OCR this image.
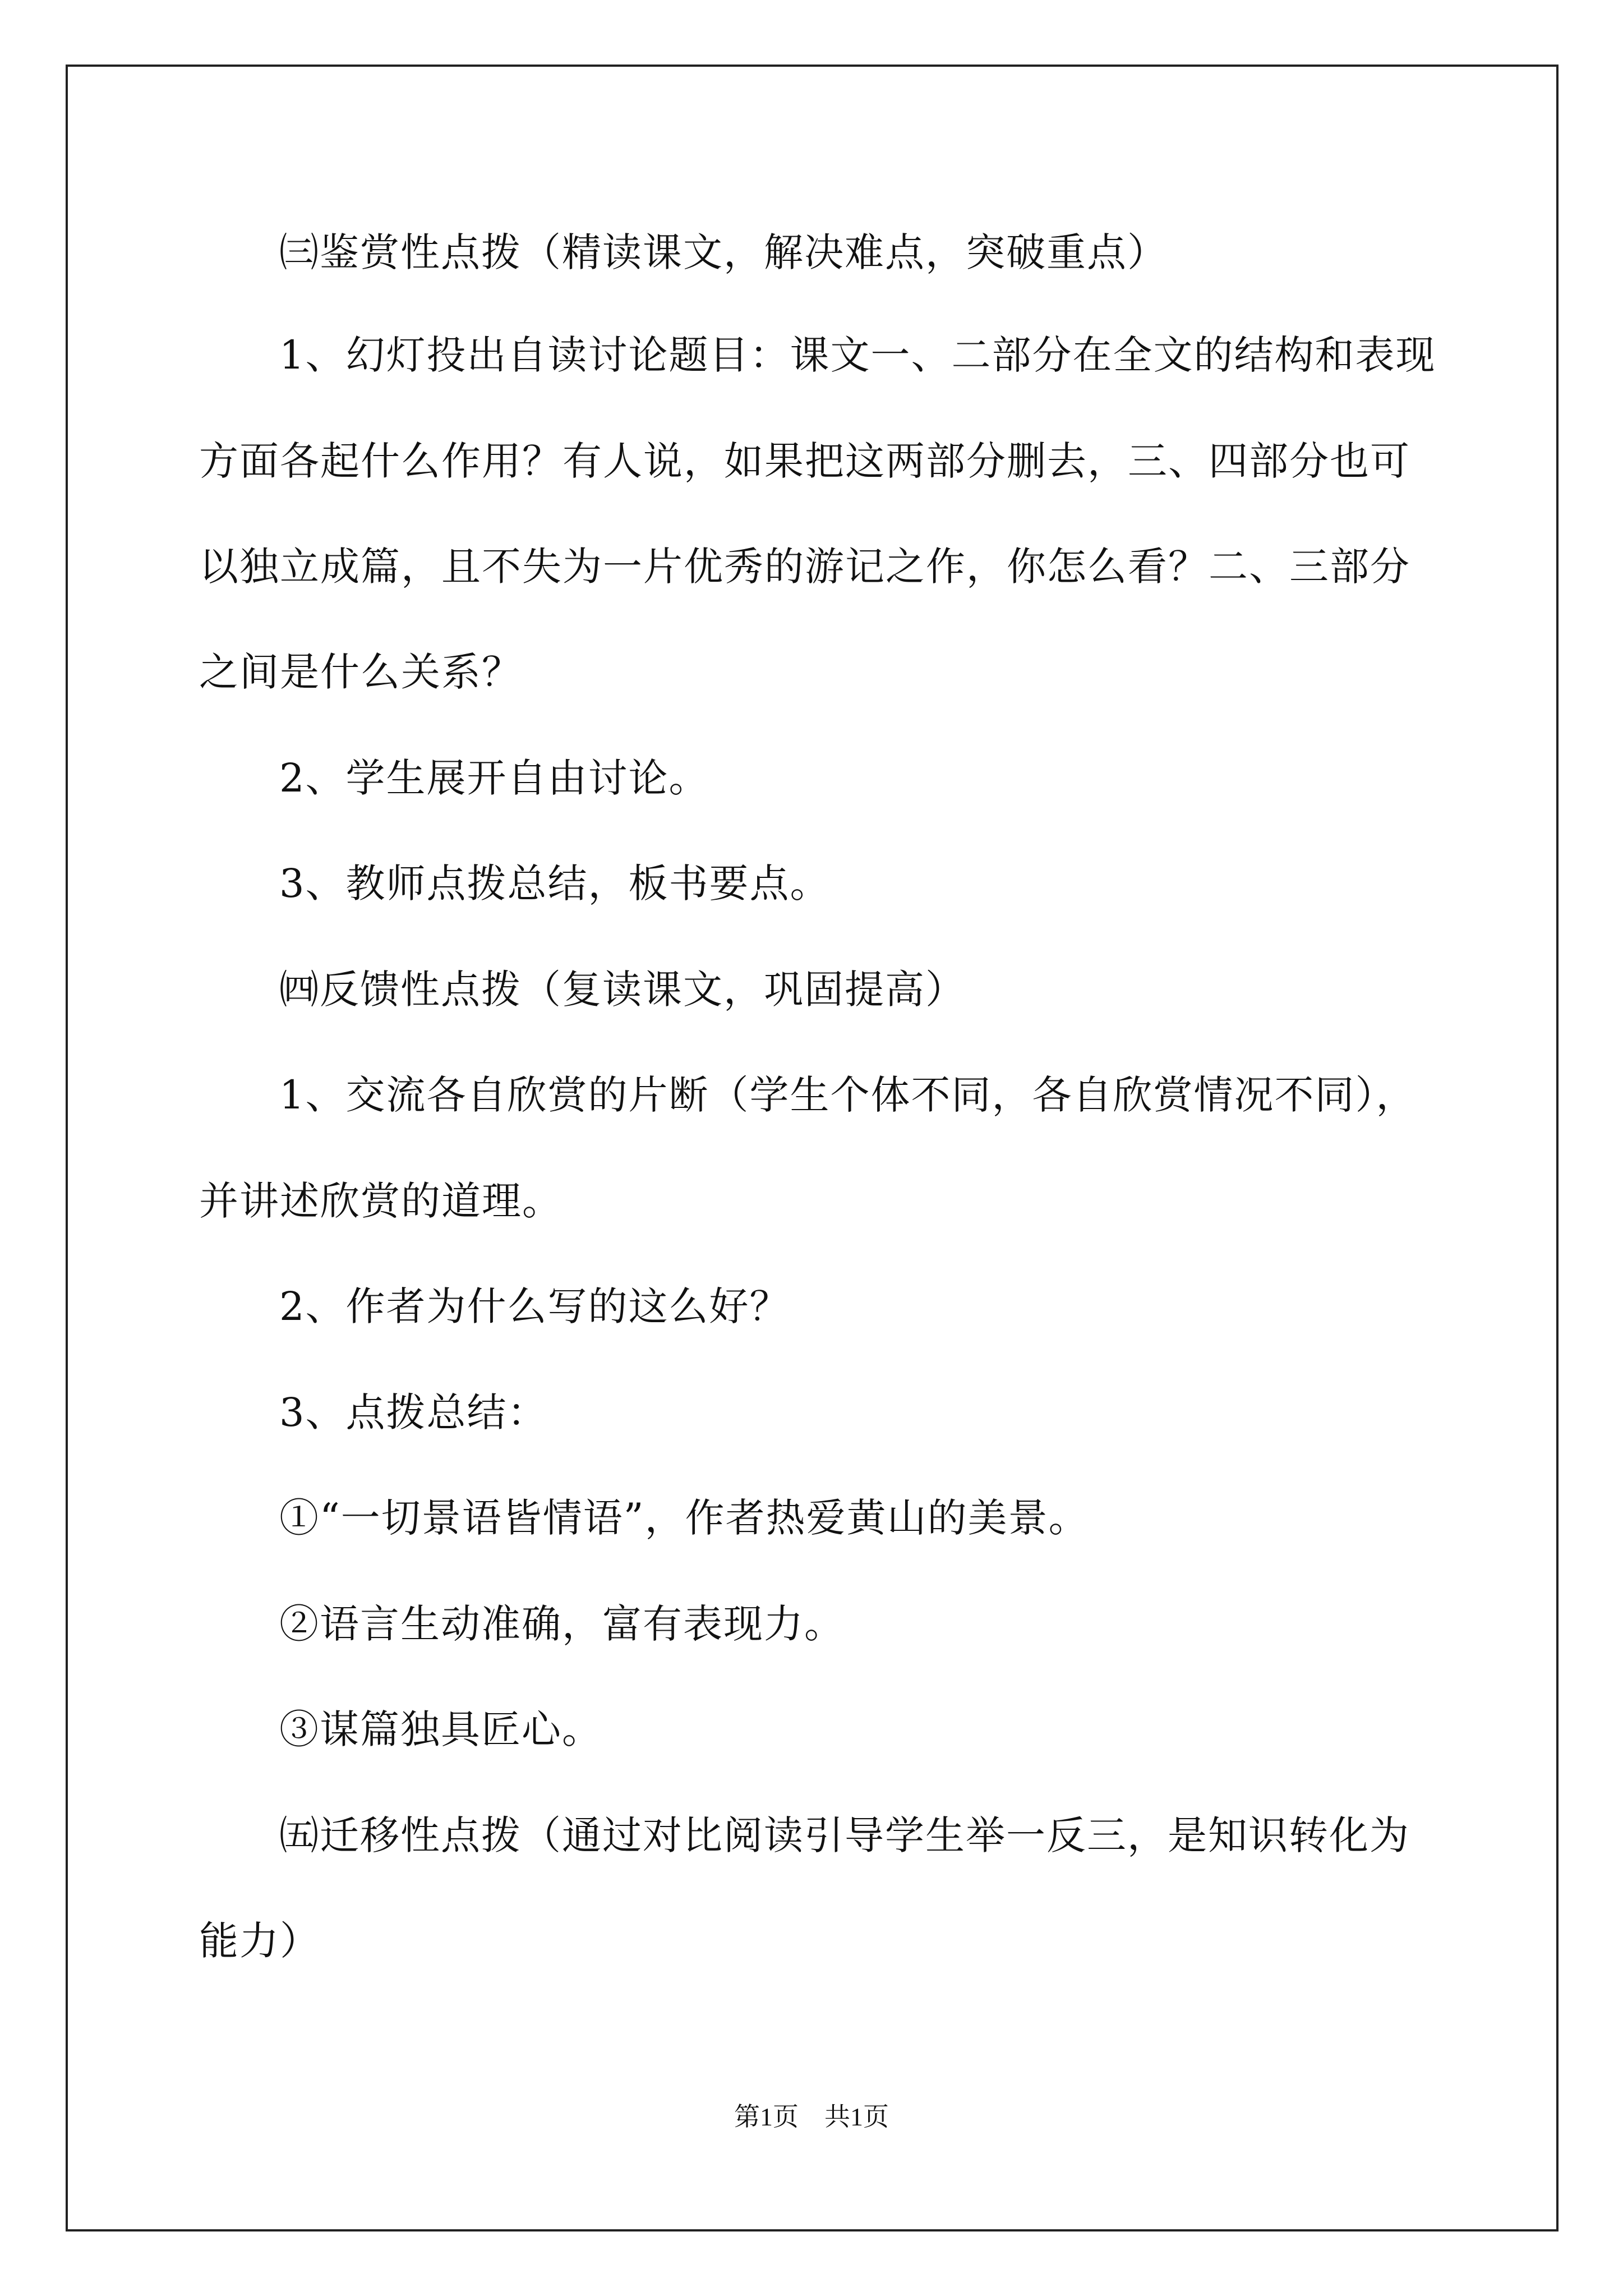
㈢鉴赏性点拨（精读课文，解决难点，突破重点）
1、幻灯投出自读讨论题目：课文一、二部分在全文的结构和表现
方面各起什么作用？有人说，如果把这两部分删去，三、四部分也可
以独立成篇，且不失为一片优秀的游记之作，你怎么看？二、三部分
之间是什么关系？
2、学生展开自由讨论。
3、教师点拨总结，板书要点。
㈣反馈性点拨（复读课文，巩固提高）
1、交流各自欣赏的片断（学生个体不同，各自欣赏情况不同），
并讲述欣赏的道理。
2、作者为什么写的这么好？
3、点拨总结：
①“一切景语皆情语”，作者热爱黄山的美景。
②语言生动准确，富有表现力。
③谋篇独具匠心。
㈤迁移性点拨（通过对比阅读引导学生举一反三，是知识转化为
能力）
第1页　共1页
